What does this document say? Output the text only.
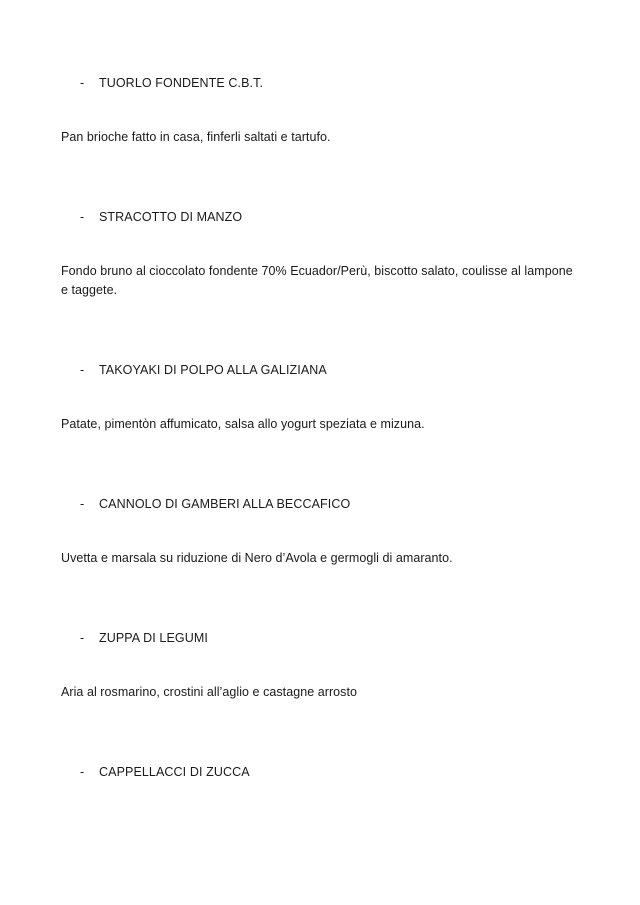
- TUORLO FONDENTE C.B.T.
Pan brioche fatto in casa, finferli saltati e tartufo.
- STRACOTTO DI MANZO
Fondo bruno al cioccolato fondente 70% Ecuador/Perù, biscotto salato, coulisse al lampone e taggete.
- TAKOYAKI DI POLPO ALLA GALIZIANA
Patate, pimentòn affumicato, salsa allo yogurt speziata e mizuna.
- CANNOLO DI GAMBERI ALLA BECCAFICO
Uvetta e marsala su riduzione di Nero d’Avola e germogli di amaranto.
- ZUPPA DI LEGUMI
Aria al rosmarino, crostini all’aglio e castagne arrosto
- CAPPELLACCI DI ZUCCA
